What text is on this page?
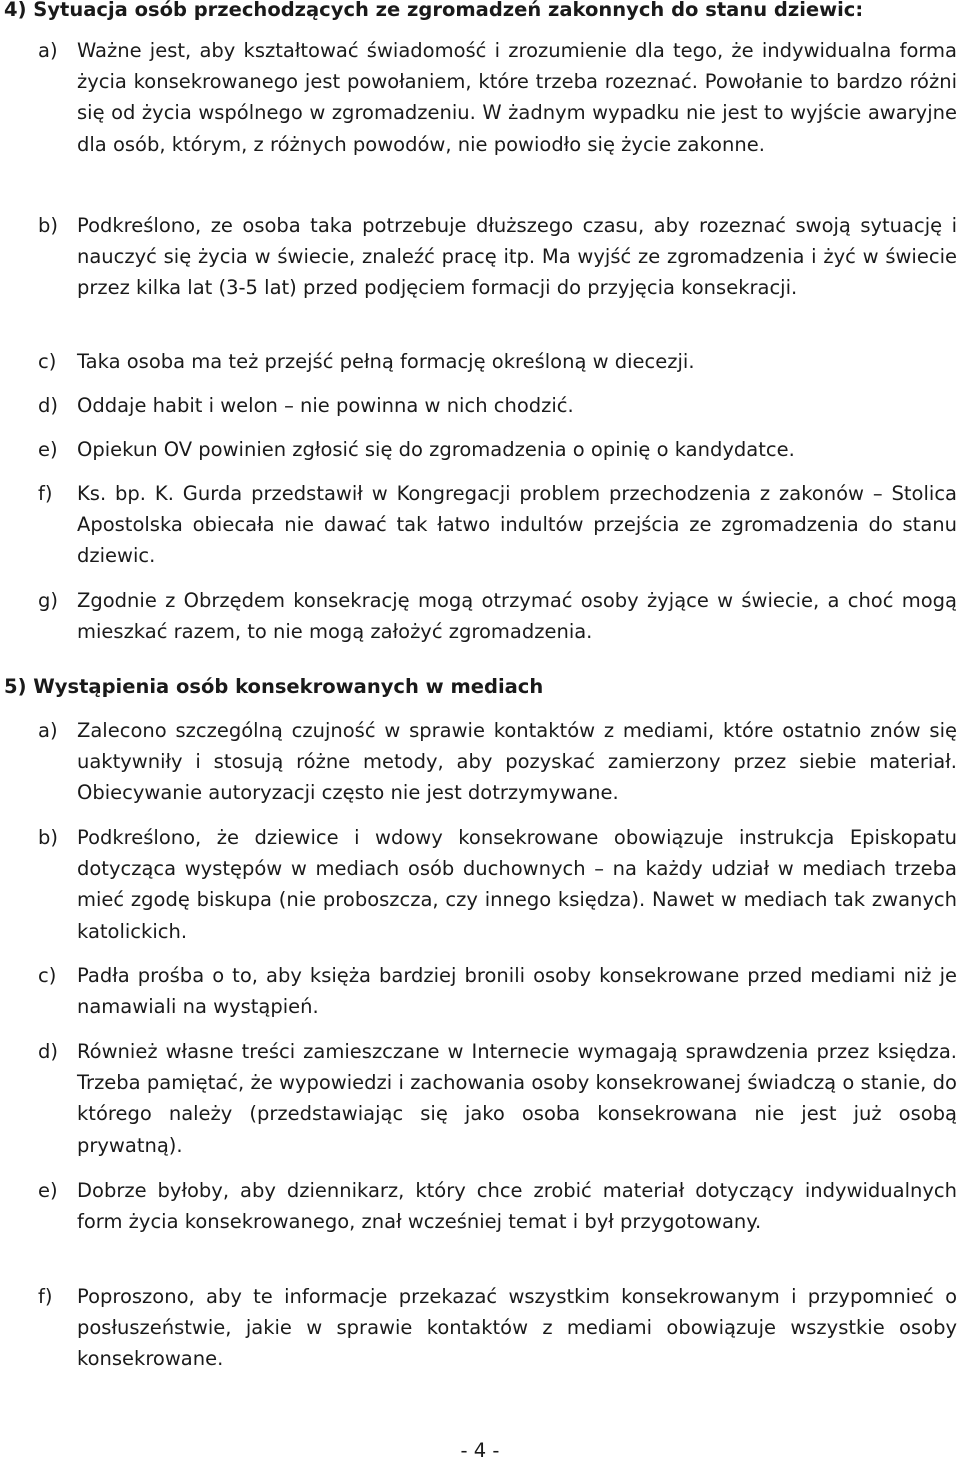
4) Sytuacja osób przechodzących ze zgromadzeń zakonnych do stanu dziewic:
a) Ważne jest, aby kształtować świadomość i zrozumienie dla tego, że indywidualna forma życia konsekrowanego jest powołaniem, które trzeba rozeznać. Powołanie to bardzo różni się od życia wspólnego w zgromadzeniu. W żadnym wypadku nie jest to wyjście awaryjne dla osób, którym, z różnych powodów, nie powiodło się życie zakonne.
b) Podkreślono, ze osoba taka potrzebuje dłuższego czasu, aby rozeznać swoją sytuację i nauczyć się życia w świecie, znaleźć pracę itp. Ma wyjść ze zgromadzenia i żyć w świecie przez kilka lat (3-5 lat) przed podjęciem formacji do przyjęcia konsekracji.
c) Taka osoba ma też przejść pełną formację określoną w diecezji.
d) Oddaje habit i welon – nie powinna w nich chodzić.
e) Opiekun OV powinien zgłosić się do zgromadzenia o opinię o kandydatce.
f) Ks. bp. K. Gurda przedstawił w Kongregacji problem przechodzenia z zakonów – Stolica Apostolska obiecała nie dawać tak łatwo indultów przejścia ze zgromadzenia do stanu dziewic.
g) Zgodnie z Obrzędem konsekrację mogą otrzymać osoby żyjące w świecie, a choć mogą mieszkać razem, to nie mogą założyć zgromadzenia.
5) Wystąpienia osób konsekrowanych w mediach
a) Zalecono szczególną czujność w sprawie kontaktów z mediami, które ostatnio znów się uaktywniły i stosują różne metody, aby pozyskać zamierzony przez siebie materiał. Obiecywanie autoryzacji często nie jest dotrzymywane.
b) Podkreślono, że dziewice i wdowy konsekrowane obowiązuje instrukcja Episkopatu dotycząca występów w mediach osób duchownych – na każdy udział w mediach trzeba mieć zgodę biskupa (nie proboszcza, czy innego księdza). Nawet w mediach tak zwanych katolickich.
c) Padła prośba o to, aby księża bardziej bronili osoby konsekrowane przed mediami niż je namawiali na wystąpień.
d) Również własne treści zamieszczane w Internecie wymagają sprawdzenia przez księdza. Trzeba pamiętać, że wypowiedzi i zachowania osoby konsekrowanej świadczą o stanie, do którego należy (przedstawiając się jako osoba konsekrowana nie jest już osobą prywatną).
e) Dobrze byłoby, aby dziennikarz, który chce zrobić materiał dotyczący indywidualnych form życia konsekrowanego, znał wcześniej temat i był przygotowany.
f) Poproszono, aby te informacje przekazać wszystkim konsekrowanym i przypomnieć o posłuszeństwie, jakie w sprawie kontaktów z mediami obowiązuje wszystkie osoby konsekrowane.
- 4 -
